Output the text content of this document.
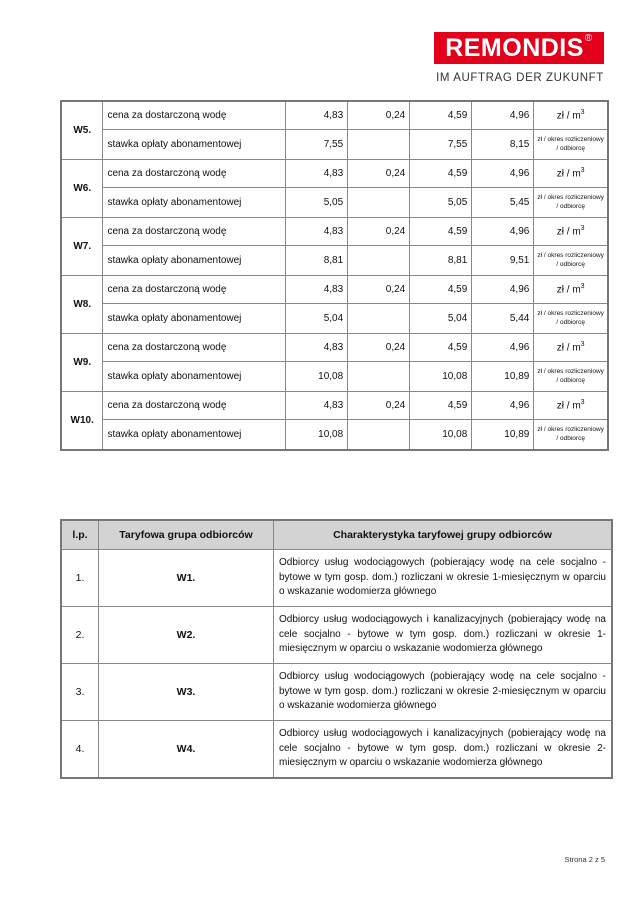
REMONDIS®
IM AUFTRAG DER ZUKUNFT
W5.	cena za dostarczoną wodę	4,83	0,24	4,59	4,96	zł / $m^3$
	stawka opłaty abonamentowej	7,55		7,55	8,15	zł / okres rozliczeniowy / odbiorcę
W6.	cena za dostarczoną wodę	4,83	0,24	4,59	4,96	zł / $m^3$
	stawka opłaty abonamentowej	5,05		5,05	5,45	zł / okres rozliczeniowy / odbiorcę
W7.	cena za dostarczoną wodę	4,83	0,24	4,59	4,96	zł / $m^3$
	stawka opłaty abonamentowej	8,81		8,81	9,51	zł / okres rozliczeniowy / odbiorcę
W8.	cena za dostarczoną wodę	4,83	0,24	4,59	4,96	zł / $m^3$
	stawka opłaty abonamentowej	5,04		5,04	5,44	zł / okres rozliczeniowy / odbiorcę
W9.	cena za dostarczoną wodę	4,83	0,24	4,59	4,96	zł / $m^3$
	stawka opłaty abonamentowej	10,08		10,08	10,89	zł / okres rozliczeniowy / odbiorcę
W10.	cena za dostarczoną wodę	4,83	0,24	4,59	4,96	zł / $m^3$
	stawka opłaty abonamentowej	10,08		10,08	10,89	zł / okres rozliczeniowy / odbiorcę
l.p.	Taryfowa grupa odbiorców	Charakterystyka taryfowej grupy odbiorców
1.	W1.	Odbiorcy usług wodociągowych (pobierający wodę na cele socjalno - bytowe w tym gosp. dom.) rozliczani w okresie 1-miesięcznym w oparciu o wskazanie wodomierza głównego
2.	W2.	Odbiorcy usług wodociągowych i kanalizacyjnych (pobierający wodę na cele socjalno - bytowe w tym gosp. dom.) rozliczani w okresie 1-miesięcznym w oparciu o wskazanie wodomierza głównego
3.	W3.	Odbiorcy usług wodociągowych (pobierający wodę na cele socjalno - bytowe w tym gosp. dom.) rozliczani w okresie 2-miesięcznym w oparciu o wskazanie wodomierza głównego
4.	W4.	Odbiorcy usług wodociągowych i kanalizacyjnych (pobierający wodę na cele socjalno - bytowe w tym gosp. dom.) rozliczani w okresie 2-miesięcznym w oparciu o wskazanie wodomierza głównego
Strona 2 z 5
